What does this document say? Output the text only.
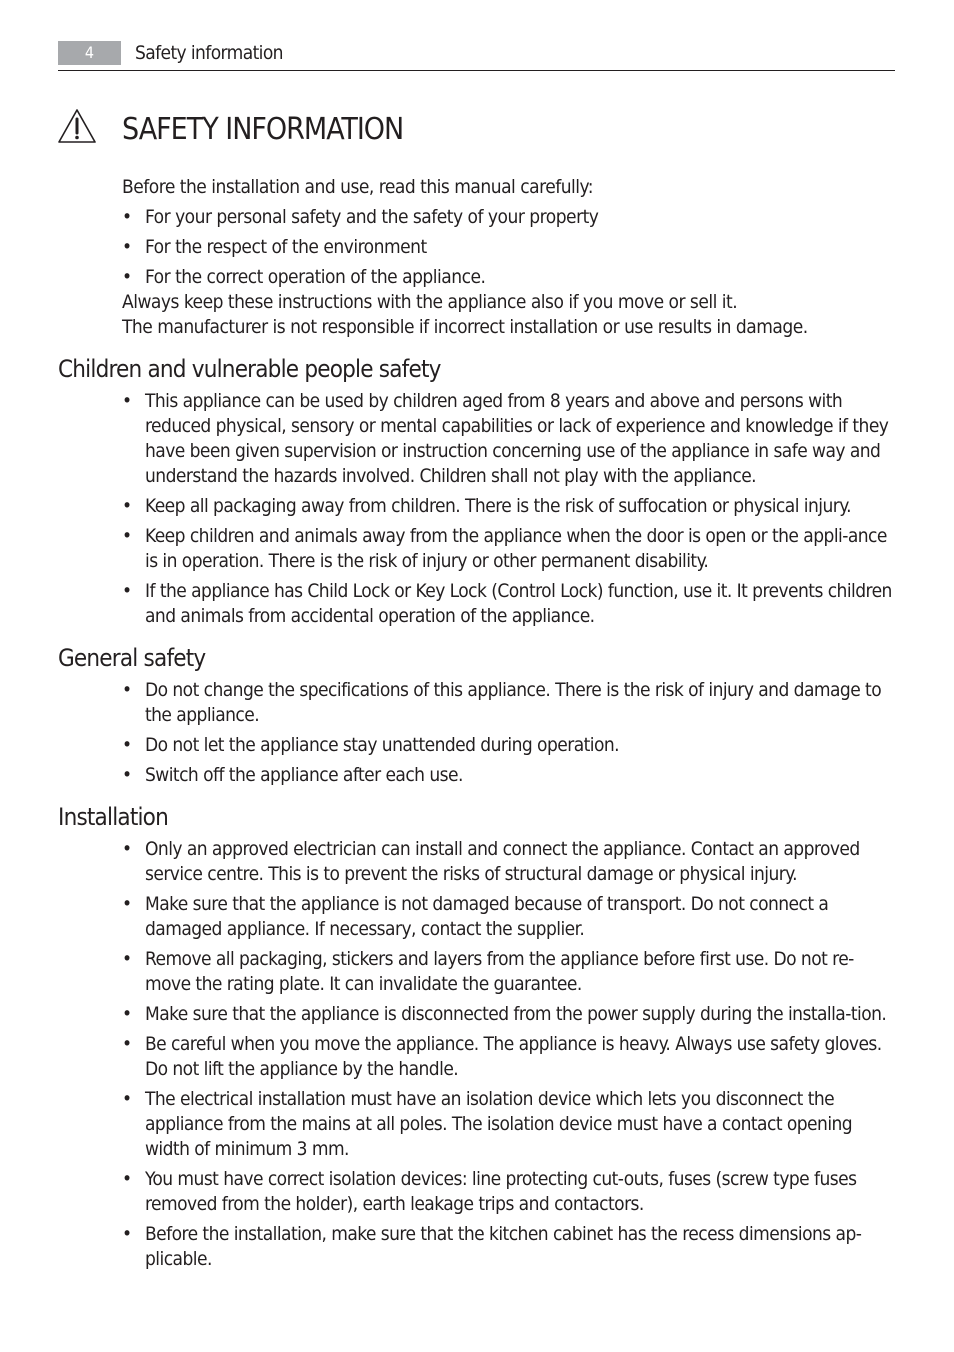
4	Safety information
SAFETY INFORMATION

Before the installation and use, read this manual carefully:

• For your personal safety and the safety of your property
• For the respect of the environment
• For the correct operation of the appliance.

Always keep these instructions with the appliance also if you move or sell it.

The manufacturer is not responsible if incorrect installation or use results in damage.

Children and vulnerable people safety
• This appliance can be used by children aged from 8 years and above and persons with reduced physical, sensory or mental capabilities or lack of experience and knowledge if they have been given supervision or instruction concerning use of the appliance in safe way and understand the hazards involved. Children shall not play with the appliance.
• Keep all packaging away from children. There is the risk of suffocation or physical injury.
• Keep children and animals away from the appliance when the door is open or the appli-ance is in operation. There is the risk of injury or other permanent disability.
• If the appliance has Child Lock or Key Lock (Control Lock) function, use it. It prevents children and animals from accidental operation of the appliance.
General safety
• Do not change the specifications of this appliance. There is the risk of injury and damage to the appliance.
• Do not let the appliance stay unattended during operation.
• Switch off the appliance after each use.
Installation
• Only an approved electrician can install and connect the appliance. Contact an approved service centre. This is to prevent the risks of structural damage or physical injury.
• Make sure that the appliance is not damaged because of transport. Do not connect a damaged appliance. If necessary, contact the supplier.
• Remove all packaging, stickers and layers from the appliance before first use. Do not re-move the rating plate. It can invalidate the guarantee.
• Make sure that the appliance is disconnected from the power supply during the installa-tion.
• Be careful when you move the appliance. The appliance is heavy. Always use safety gloves. Do not lift the appliance by the handle.
• The electrical installation must have an isolation device which lets you disconnect the appliance from the mains at all poles. The isolation device must have a contact opening width of minimum 3 mm.
• You must have correct isolation devices: line protecting cut-outs, fuses (screw type fuses removed from the holder), earth leakage trips and contactors.
• Before the installation, make sure that the kitchen cabinet has the recess dimensions ap-plicable.
